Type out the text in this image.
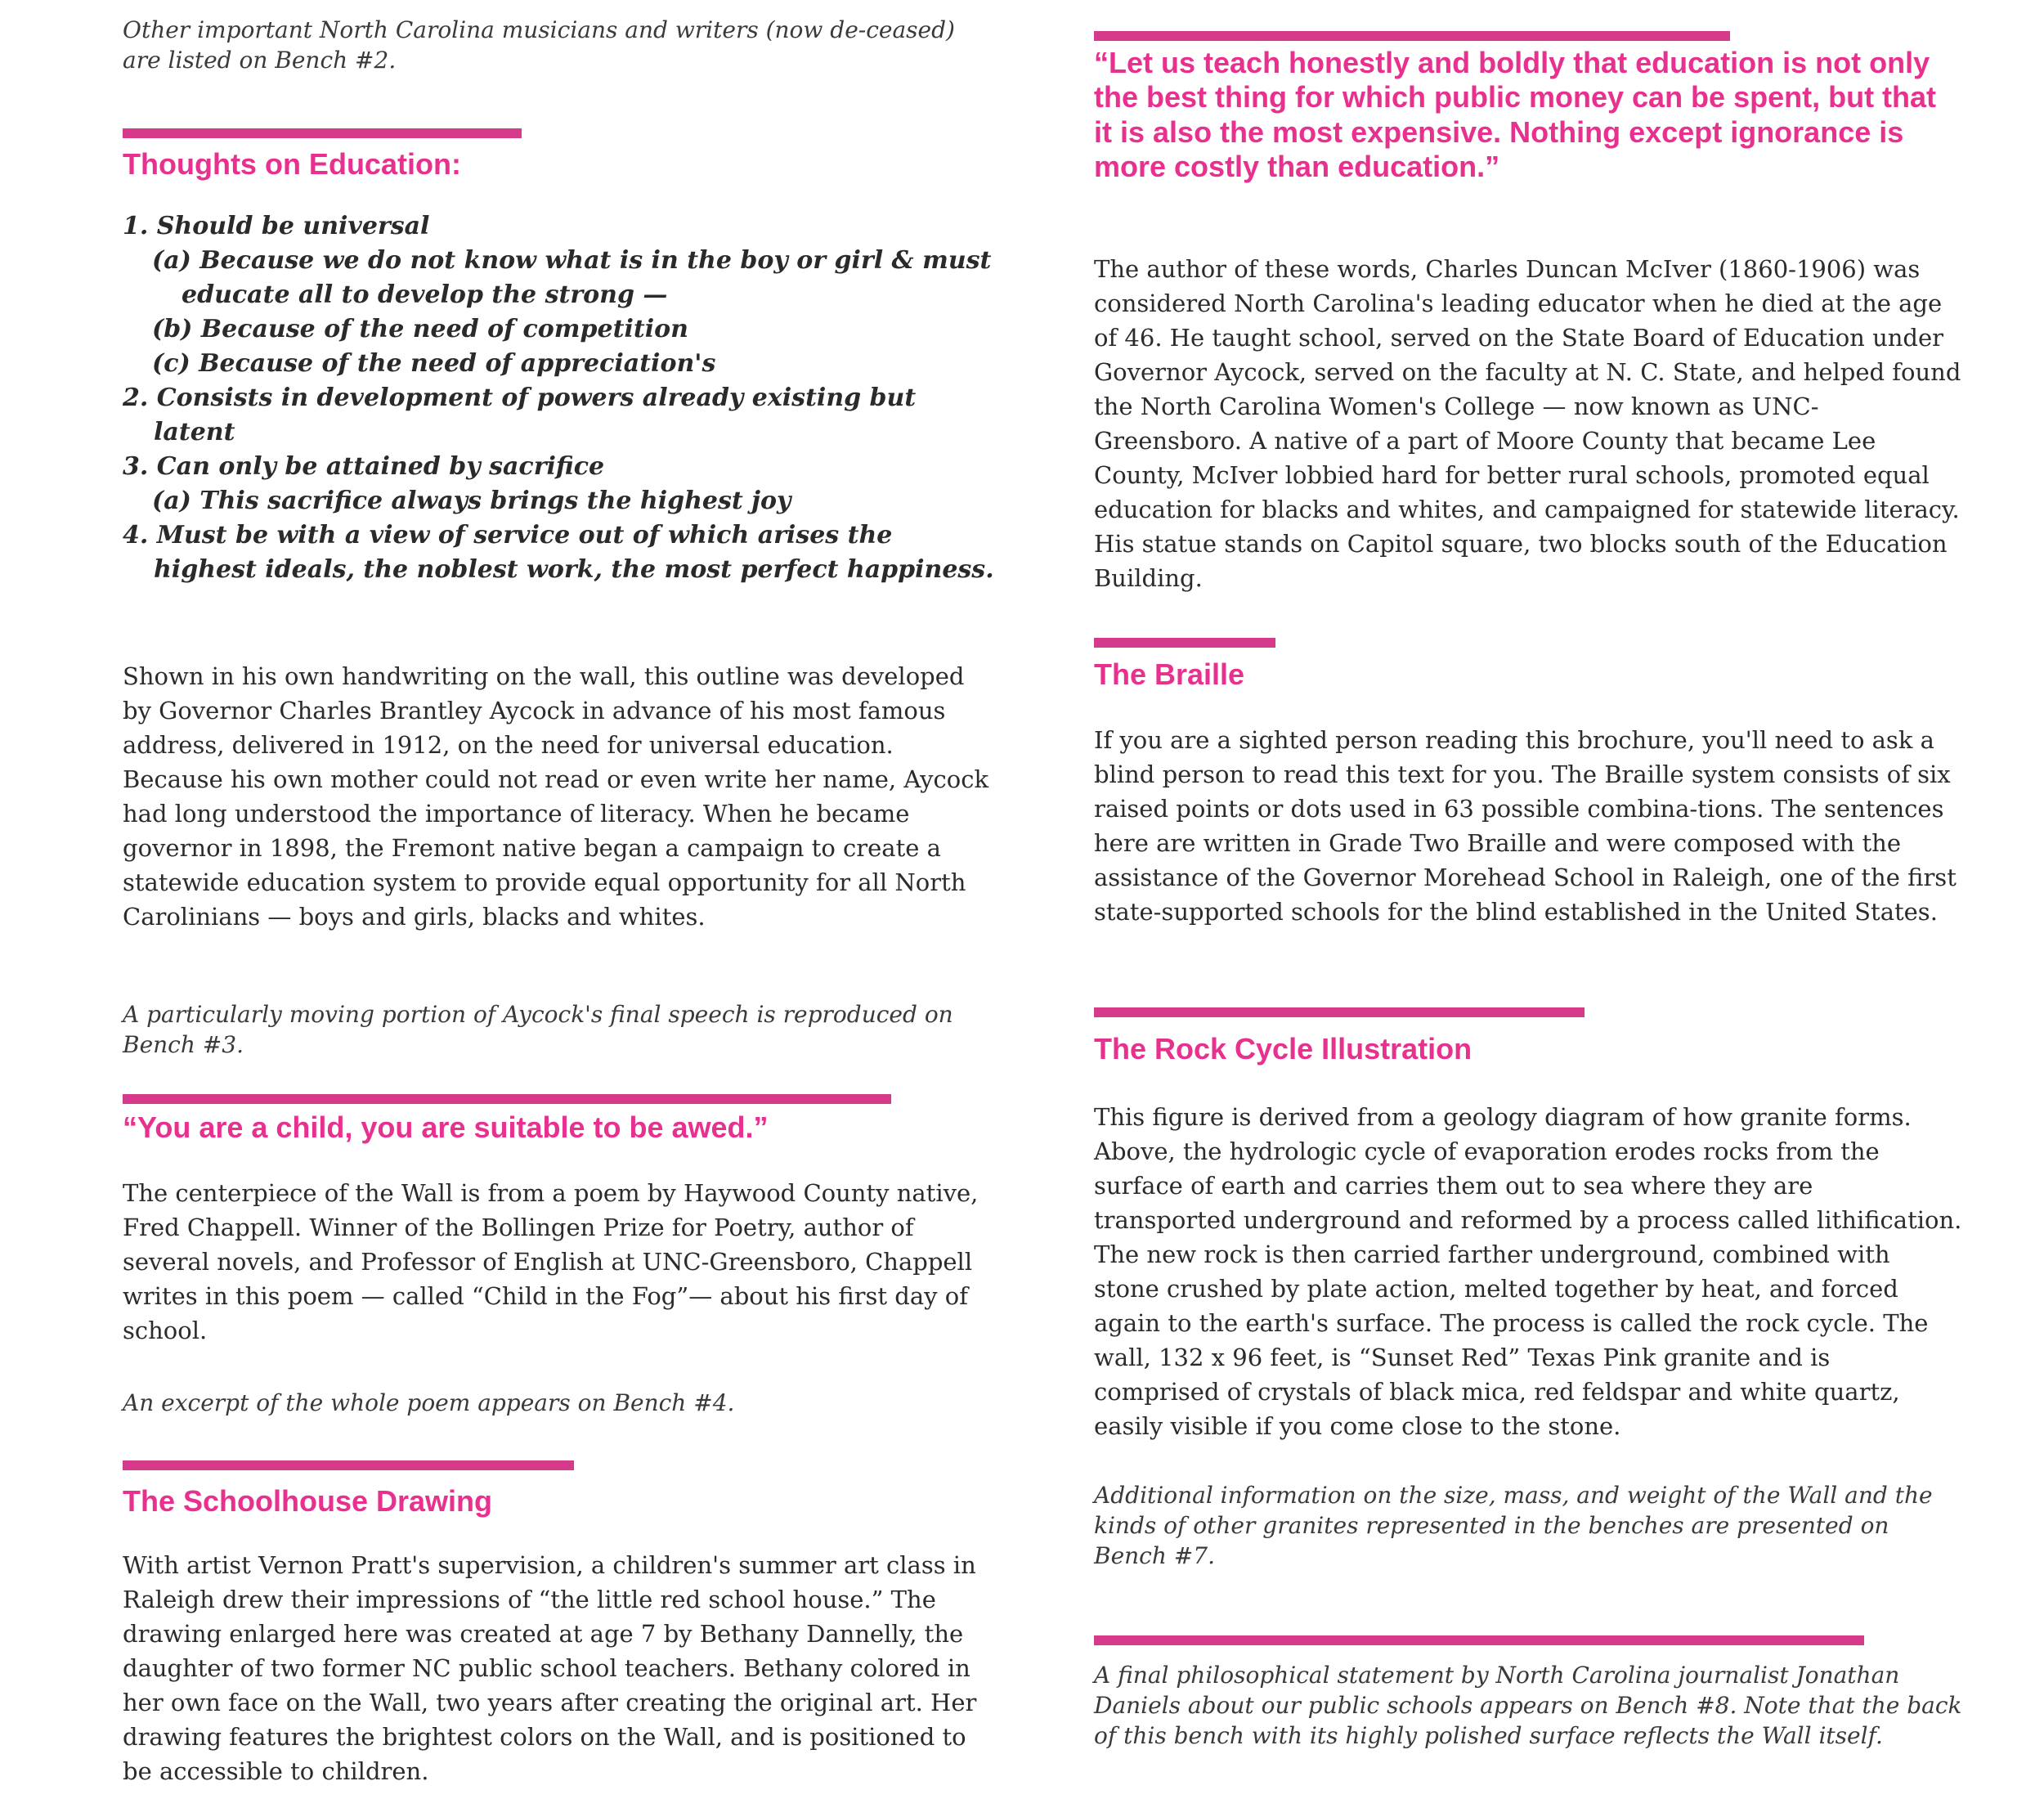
Other important North Carolina musicians and writers (now de-ceased) are listed on Bench #2.

Thoughts on Education:
1. Should be universal
(a) Because we do not know what is in the boy or girl & must educate all to develop the strong —
(b) Because of the need of competition
(c) Because of the need of appreciation's
2. Consists in development of powers already existing but latent
3. Can only be attained by sacrifice
(a) This sacrifice always brings the highest joy
4. Must be with a view of service out of which arises the highest ideals, the noblest work, the most perfect happiness.

Shown in his own handwriting on the wall, this outline was developed by Governor Charles Brantley Aycock in advance of his most famous address, delivered in 1912, on the need for universal education. Because his own mother could not read or even write her name, Aycock had long understood the importance of literacy. When he became governor in 1898, the Fremont native began a campaign to create a statewide education system to provide equal opportunity for all North Carolinians — boys and girls, blacks and whites.

A particularly moving portion of Aycock's final speech is reproduced on Bench #3.

“You are a child, you are suitable to be awed.”

The centerpiece of the Wall is from a poem by Haywood County native, Fred Chappell. Winner of the Bollingen Prize for Poetry, author of several novels, and Professor of English at UNC-Greensboro, Chappell writes in this poem — called “Child in the Fog”— about his first day of school.

An excerpt of the whole poem appears on Bench #4.

The Schoolhouse Drawing

With artist Vernon Pratt's supervision, a children's summer art class in Raleigh drew their impressions of “the little red school house.” The drawing enlarged here was created at age 7 by Bethany Dannelly, the daughter of two former NC public school teachers. Bethany colored in her own face on the Wall, two years after creating the original art. Her drawing features the brightest colors on the Wall, and is positioned to be accessible to children.

“Let us teach honestly and boldly that education is not only the best thing for which public money can be spent, but that it is also the most expensive. Nothing except ignorance is more costly than education.”

The author of these words, Charles Duncan McIver (1860-1906) was considered North Carolina's leading educator when he died at the age of 46. He taught school, served on the State Board of Education under Governor Aycock, served on the faculty at N. C. State, and helped found the North Carolina Women's College — now known as UNC-Greensboro. A native of a part of Moore County that became Lee County, McIver lobbied hard for better rural schools, promoted equal education for blacks and whites, and campaigned for statewide literacy. His statue stands on Capitol square, two blocks south of the Education Building.

The Braille

If you are a sighted person reading this brochure, you'll need to ask a blind person to read this text for you. The Braille system consists of six raised points or dots used in 63 possible combina-tions. The sentences here are written in Grade Two Braille and were composed with the assistance of the Governor Morehead School in Raleigh, one of the first state-supported schools for the blind established in the United States.

The Rock Cycle Illustration

This figure is derived from a geology diagram of how granite forms. Above, the hydrologic cycle of evaporation erodes rocks from the surface of earth and carries them out to sea where they are transported underground and reformed by a process called lithification. The new rock is then carried farther underground, combined with stone crushed by plate action, melted together by heat, and forced again to the earth's surface. The process is called the rock cycle. The wall, 132 x 96 feet, is “Sunset Red” Texas Pink granite and is comprised of crystals of black mica, red feldspar and white quartz, easily visible if you come close to the stone.

Additional information on the size, mass, and weight of the Wall and the kinds of other granites represented in the benches are presented on Bench #7.

A final philosophical statement by North Carolina journalist Jonathan Daniels about our public schools appears on Bench #8. Note that the back of this bench with its highly polished surface reflects the Wall itself.
